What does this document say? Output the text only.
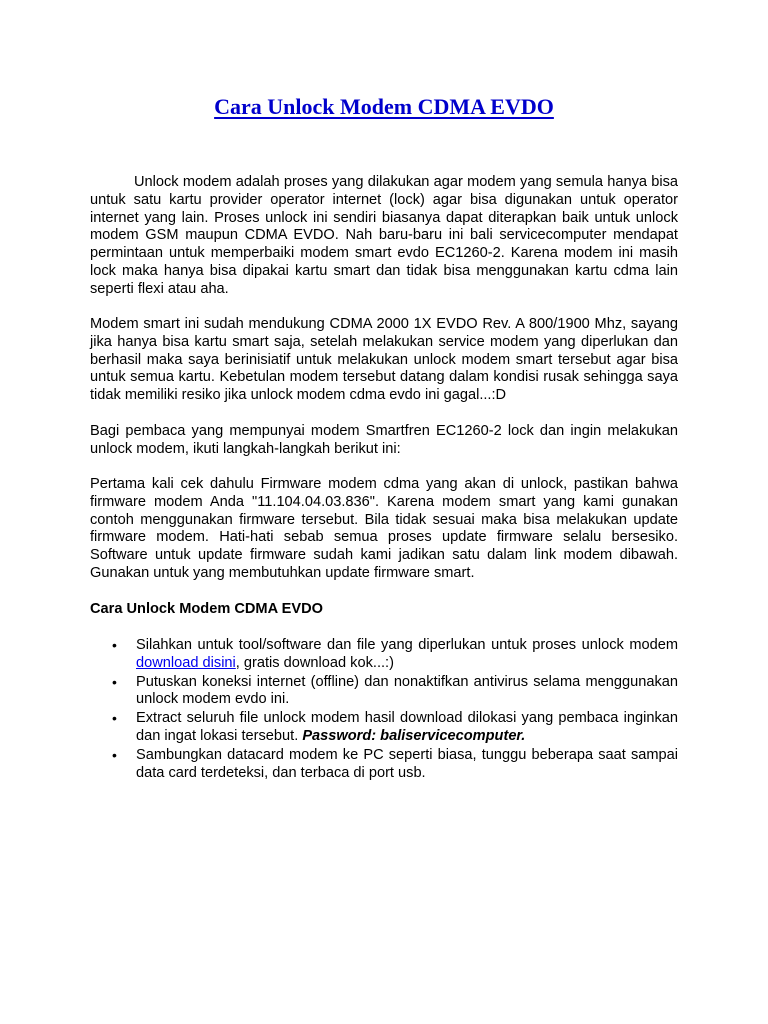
Cara Unlock Modem CDMA EVDO

Unlock modem adalah proses yang dilakukan agar modem yang semula hanya bisa untuk satu kartu provider operator internet (lock) agar bisa digunakan untuk operator internet yang lain. Proses unlock ini sendiri biasanya dapat diterapkan baik untuk unlock modem GSM maupun CDMA EVDO. Nah baru-baru ini bali servicecomputer mendapat permintaan untuk memperbaiki modem smart evdo EC1260-2. Karena modem ini masih lock maka hanya bisa dipakai kartu smart dan tidak bisa menggunakan kartu cdma lain seperti flexi atau aha.

Modem smart ini sudah mendukung CDMA 2000 1X EVDO Rev. A 800/1900 Mhz, sayang jika hanya bisa kartu smart saja, setelah melakukan service modem yang diperlukan dan berhasil maka saya berinisiatif untuk melakukan unlock modem smart tersebut agar bisa untuk semua kartu. Kebetulan modem tersebut datang dalam kondisi rusak sehingga saya tidak memiliki resiko jika unlock modem cdma evdo ini gagal...:D

Bagi pembaca yang mempunyai modem Smartfren EC1260-2 lock dan ingin melakukan unlock modem, ikuti langkah-langkah berikut ini:

Pertama kali cek dahulu Firmware modem cdma yang akan di unlock, pastikan bahwa firmware modem Anda "11.104.04.03.836". Karena modem smart yang kami gunakan contoh menggunakan firmware tersebut. Bila tidak sesuai maka bisa melakukan update firmware modem. Hati-hati sebab semua proses update firmware selalu bersesiko. Software untuk update firmware sudah kami jadikan satu dalam link modem dibawah. Gunakan untuk yang membutuhkan update firmware smart.

Cara Unlock Modem CDMA EVDO
• Silahkan untuk tool/software dan file yang diperlukan untuk proses unlock modem download disini, gratis download kok...:)
• Putuskan koneksi internet (offline) dan nonaktifkan antivirus selama menggunakan unlock modem evdo ini.
• Extract seluruh file unlock modem hasil download dilokasi yang pembaca inginkan dan ingat lokasi tersebut. Password: baliservicecomputer.
• Sambungkan datacard modem ke PC seperti biasa, tunggu beberapa saat sampai data card terdeteksi, dan terbaca di port usb.
